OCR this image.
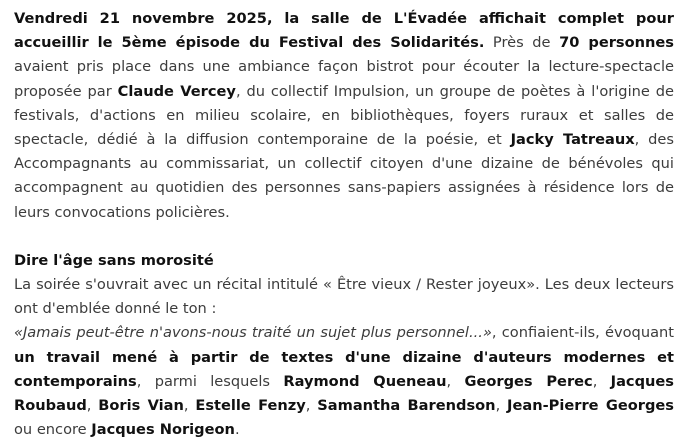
Vendredi 21 novembre 2025, la salle de L'Évadée affichait complet pour accueillir le 5ème épisode du Festival des Solidarités. Près de 70 personnes avaient pris place dans une ambiance façon bistrot pour écouter la lecture-spectacle proposée par Claude Vercey, du collectif Impulsion, un groupe de poètes à l'origine de festivals, d'actions en milieu scolaire, en bibliothèques, foyers ruraux et salles de spectacle, dédié à la diffusion contemporaine de la poésie, et Jacky Tatreaux, des Accompagnants au commissariat, un collectif citoyen d'une dizaine de bénévoles qui accompagnent au quotidien des personnes sans-papiers assignées à résidence lors de leurs convocations policières.

Dire l'âge sans morosité

La soirée s'ouvrait avec un récital intitulé « Être vieux / Rester joyeux». Les deux lecteurs ont d'emblée donné le ton :

«Jamais peut-être n'avons-nous traité un sujet plus personnel...», confiaient-ils, évoquant un travail mené à partir de textes d'une dizaine d'auteurs modernes et contemporains, parmi lesquels Raymond Queneau, Georges Perec, Jacques Roubaud, Boris Vian, Estelle Fenzy, Samantha Barendson, Jean-Pierre Georges ou encore Jacques Norigeon.
